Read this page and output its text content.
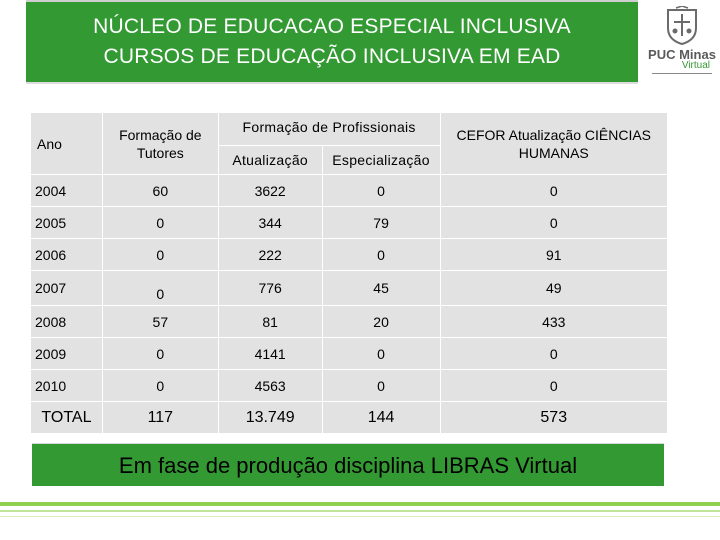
NÚCLEO DE EDUCACAO ESPECIAL INCLUSIVA
CURSOS DE EDUCAÇÃO INCLUSIVA EM EAD	PUC Minas
Virtual
Ano	Formação de Tutores	Formação de Profissionais		CEFOR Atualização CIÊNCIAS HUMANAS
		Atualização	Especialização	
2004	60	3622	0	0
2005	0	344	79	0
2006	0	222	0	91
2007	0	776	45	49
2008	57	81	20	433
2009	0	4141	0	0
2010	0	4563	0	0
TOTAL	117	13.749	144	573
Em fase de produção disciplina LIBRAS Virtual
